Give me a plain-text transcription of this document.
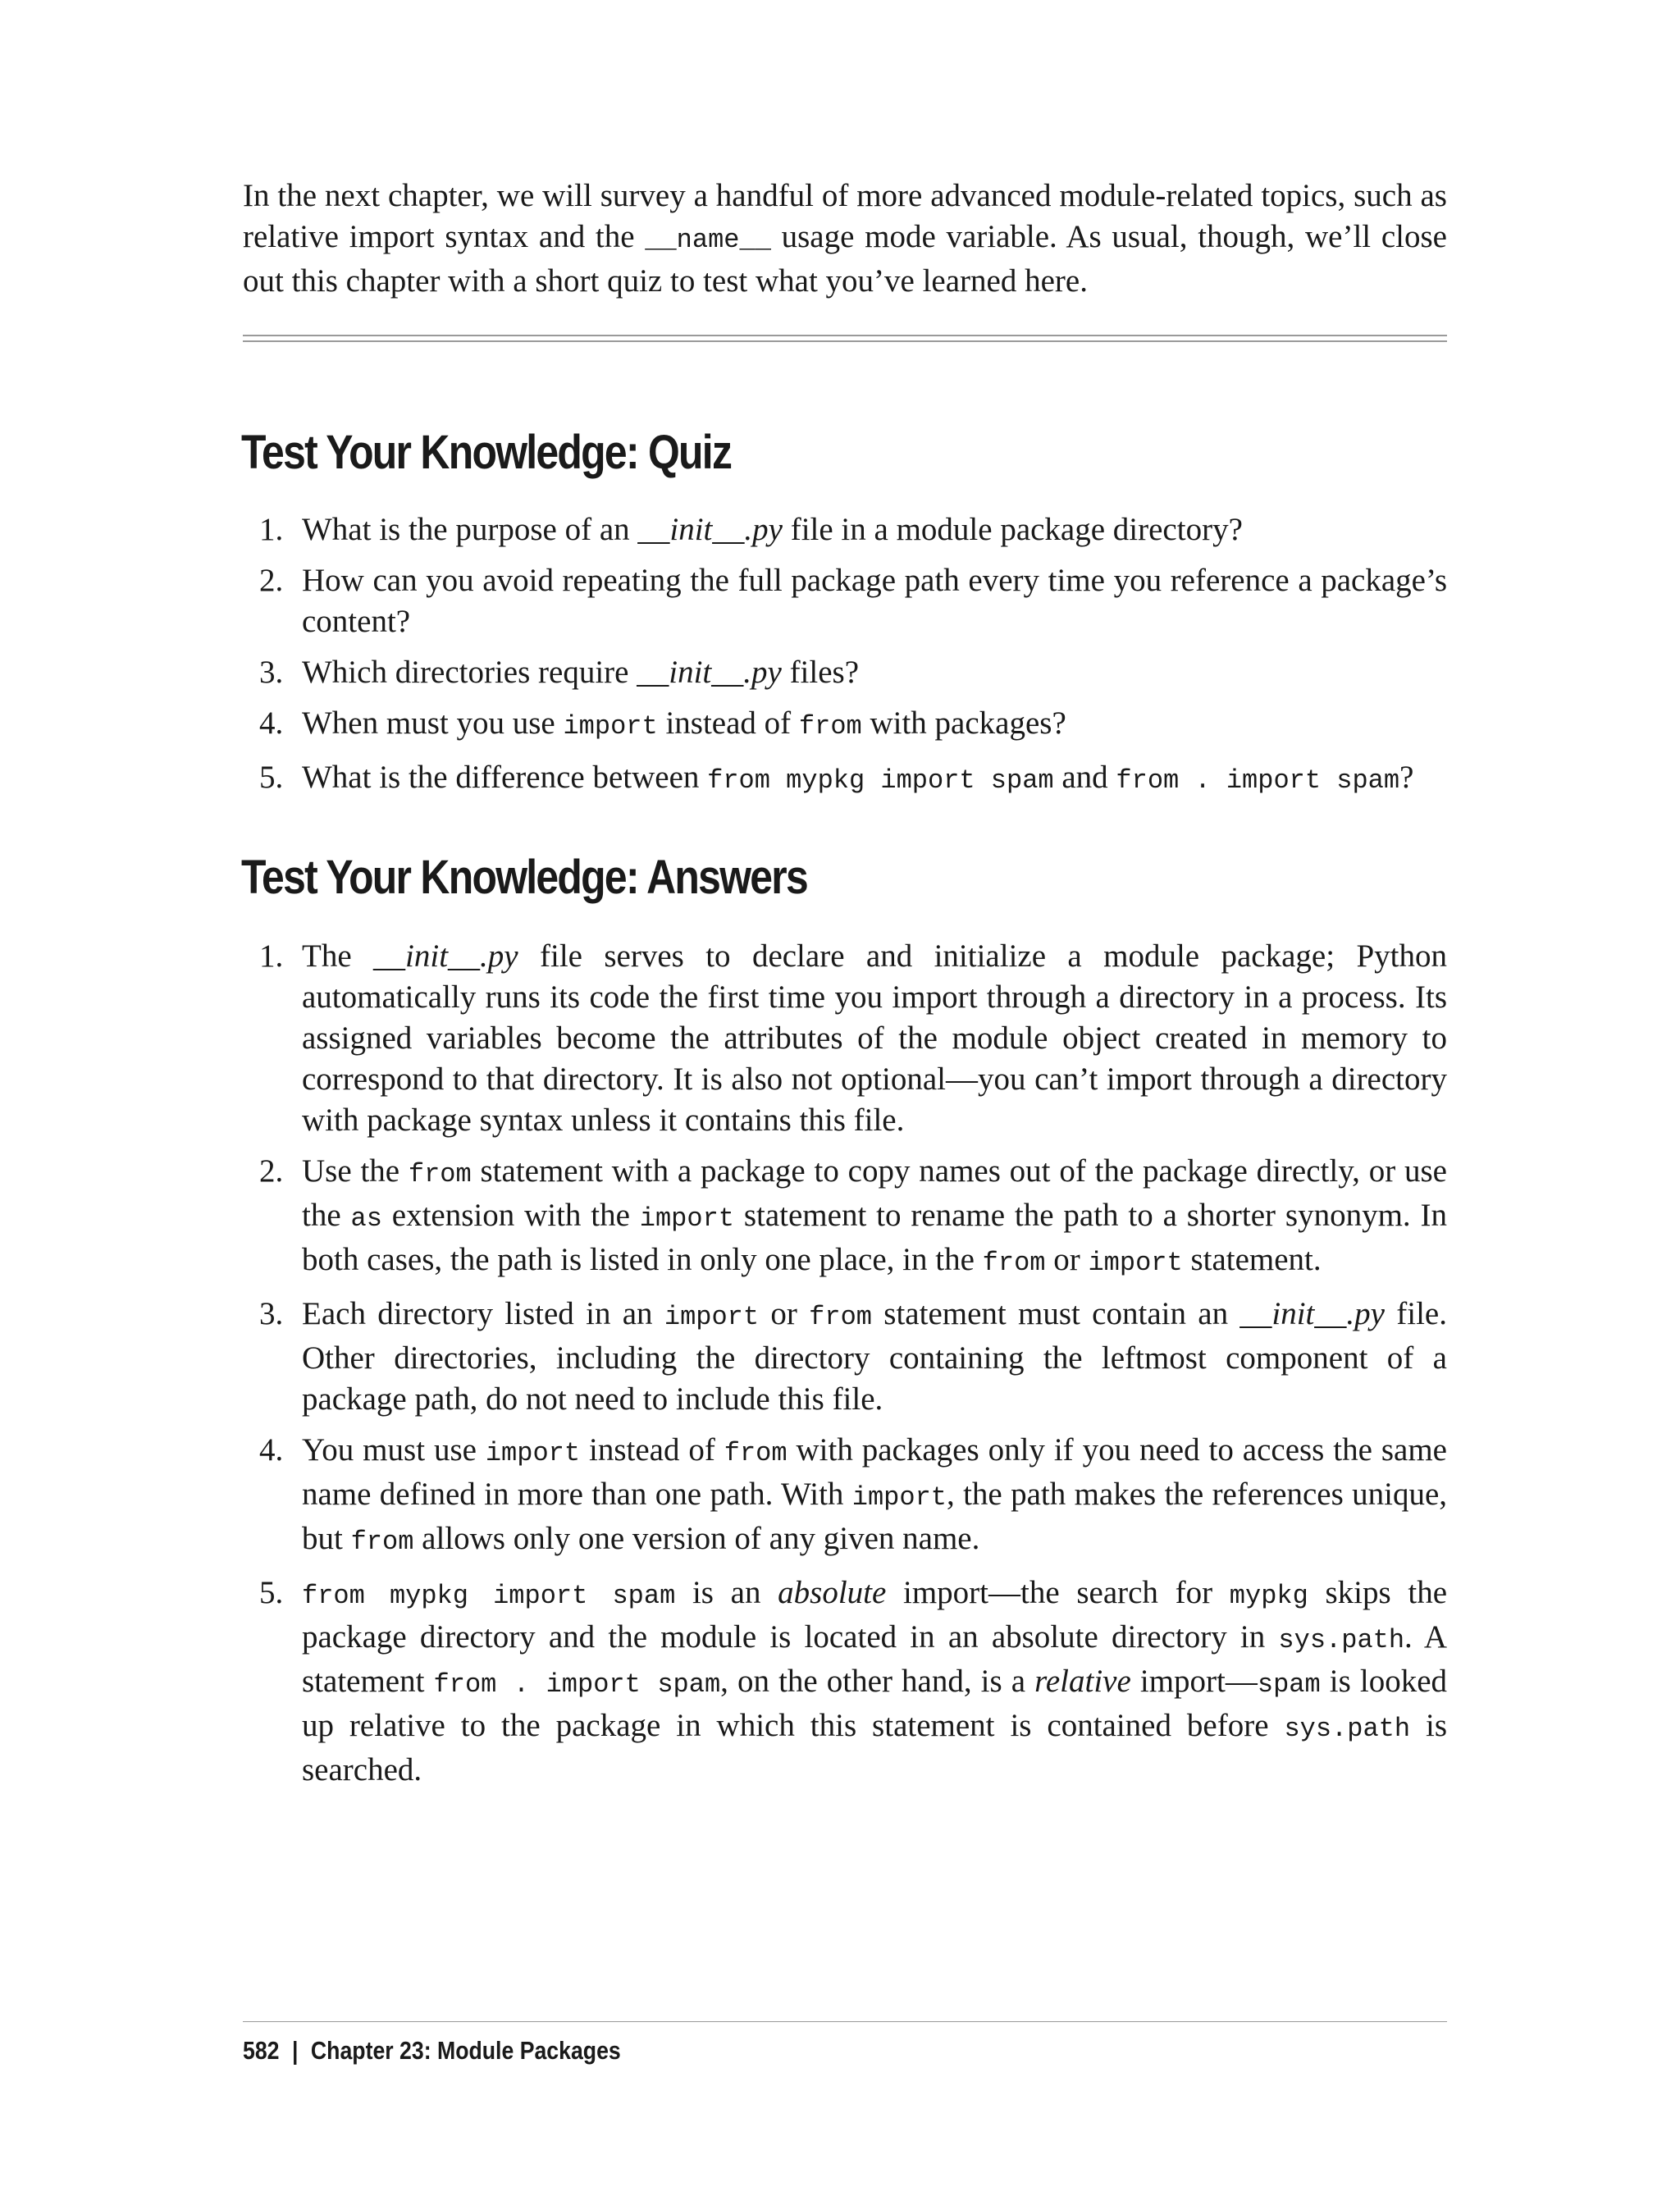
In the next chapter, we will survey a handful of more advanced module-related topics, such as relative import syntax and the __name__ usage mode variable. As usual, though, we’ll close out this chapter with a short quiz to test what you’ve learned here.

Test Your Knowledge: Quiz
1. What is the purpose of an __init__.py file in a module package directory?
2. How can you avoid repeating the full package path every time you reference a package’s content?
3. Which directories require __init__.py files?
4. When must you use import instead of from with packages?
5. What is the difference between from mypkg import spam and from . import spam?
Test Your Knowledge: Answers
1. The __init__.py file serves to declare and initialize a module package; Python automatically runs its code the first time you import through a directory in a process. Its assigned variables become the attributes of the module object created in memory to correspond to that directory. It is also not optional—you can’t import through a directory with package syntax unless it contains this file.
2. Use the from statement with a package to copy names out of the package directly, or use the as extension with the import statement to rename the path to a shorter synonym. In both cases, the path is listed in only one place, in the from or import statement.
3. Each directory listed in an import or from statement must contain an __init__.py file. Other directories, including the directory containing the leftmost component of a package path, do not need to include this file.
4. You must use import instead of from with packages only if you need to access the same name defined in more than one path. With import, the path makes the references unique, but from allows only one version of any given name.
5. from mypkg import spam is an absolute import—the search for mypkg skips the package directory and the module is located in an absolute directory in sys.path. A statement from . import spam, on the other hand, is a relative import—spam is looked up relative to the package in which this statement is contained before sys.path is searched.
582 | Chapter 23: Module Packages
